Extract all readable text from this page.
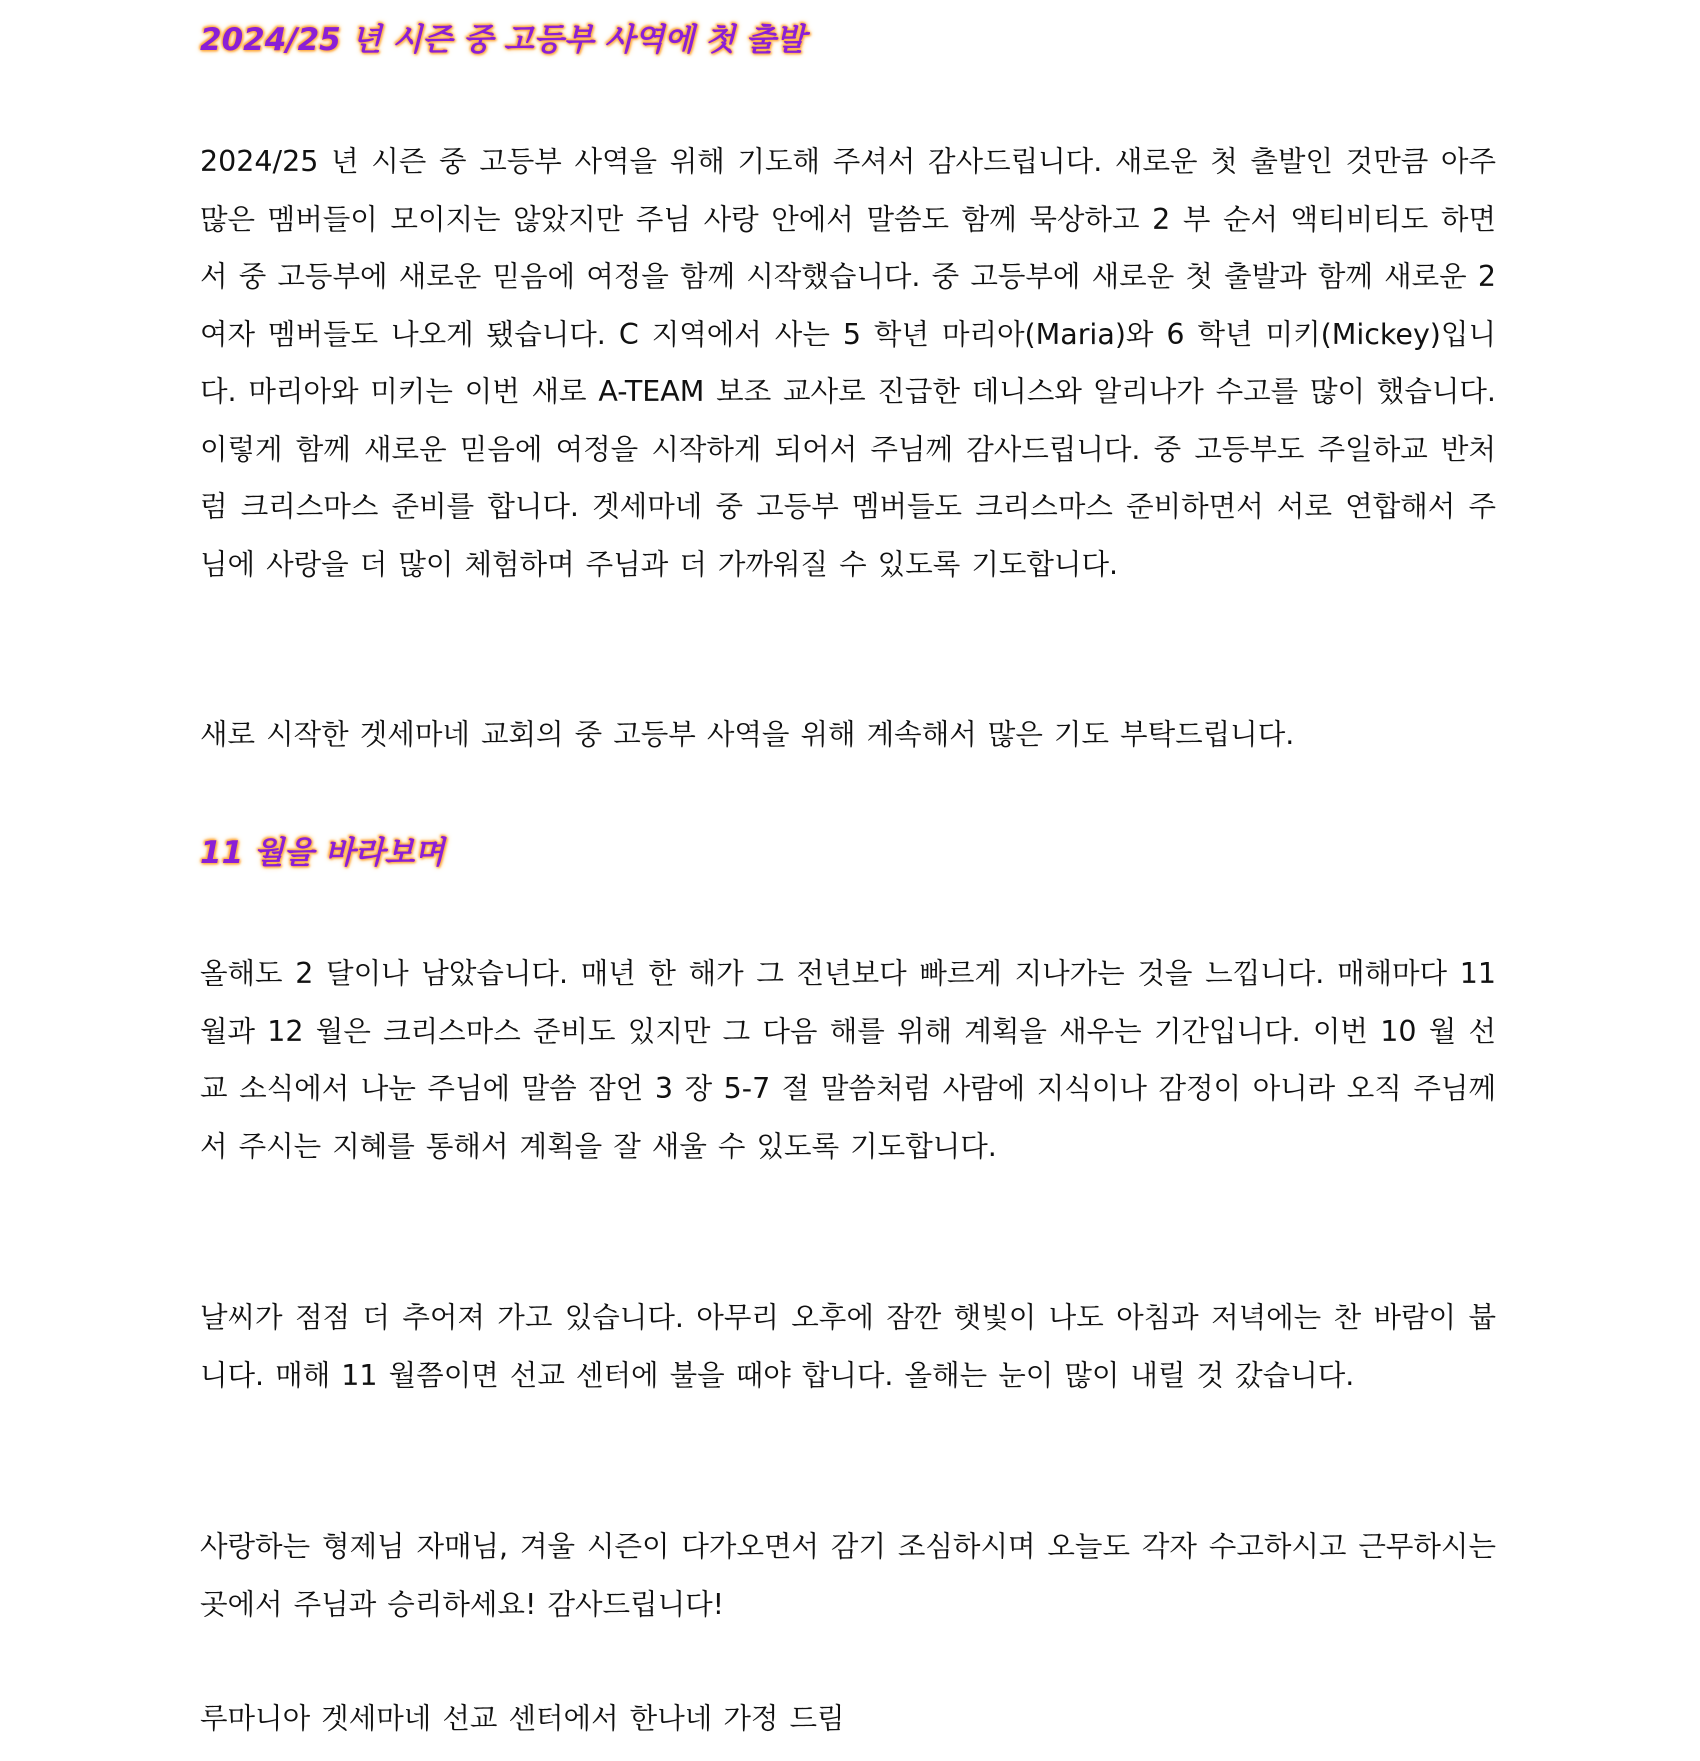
2024/25 년 시즌 중 고등부 사역에 첫 출발

2024/25 년 시즌 중 고등부 사역을 위해 기도해 주셔서 감사드립니다. 새로운 첫 출발인 것만큼 아주 많은 멤버들이 모이지는 않았지만 주님 사랑 안에서 말씀도 함께 묵상하고 2 부 순서 액티비티도 하면서 중 고등부에 새로운 믿음에 여정을 함께 시작했습니다. 중 고등부에 새로운 첫 출발과 함께 새로운 2 여자 멤버들도 나오게 됐습니다. C 지역에서 사는 5 학년 마리아(Maria)와 6 학년 미키(Mickey)입니다. 마리아와 미키는 이번 새로 A-TEAM 보조 교사로 진급한 데니스와 알리나가 수고를 많이 했습니다. 이렇게 함께 새로운 믿음에 여정을 시작하게 되어서 주님께 감사드립니다. 중 고등부도 주일하교 반처럼 크리스마스 준비를 합니다. 겟세마네 중 고등부 멤버들도 크리스마스 준비하면서 서로 연합해서 주님에 사랑을 더 많이 체험하며 주님과 더 가까워질 수 있도록 기도합니다.

새로 시작한 겟세마네 교회의 중 고등부 사역을 위해 계속해서 많은 기도 부탁드립니다.

11 월을 바라보며

올해도 2 달이나 남았습니다. 매년 한 해가 그 전년보다 빠르게 지나가는 것을 느낍니다. 매해마다 11 월과 12 월은 크리스마스 준비도 있지만 그 다음 해를 위해 계획을 새우는 기간입니다. 이번 10 월 선교 소식에서 나눈 주님에 말씀 잠언 3 장 5-7 절 말씀처럼 사람에 지식이나 감정이 아니라 오직 주님께서 주시는 지혜를 통해서 계획을 잘 새울 수 있도록 기도합니다.

날씨가 점점 더 추어져 가고 있습니다. 아무리 오후에 잠깐 햇빛이 나도 아침과 저녁에는 찬 바람이 붑니다. 매해 11 월쯤이면 선교 센터에 불을 때야 합니다. 올해는 눈이 많이 내릴 것 갔습니다.

사랑하는 형제님 자매님, 겨울 시즌이 다가오면서 감기 조심하시며 오늘도 각자 수고하시고 근무하시는 곳에서 주님과 승리하세요! 감사드립니다!

루마니아 겟세마네 선교 센터에서 한나네 가정 드림
